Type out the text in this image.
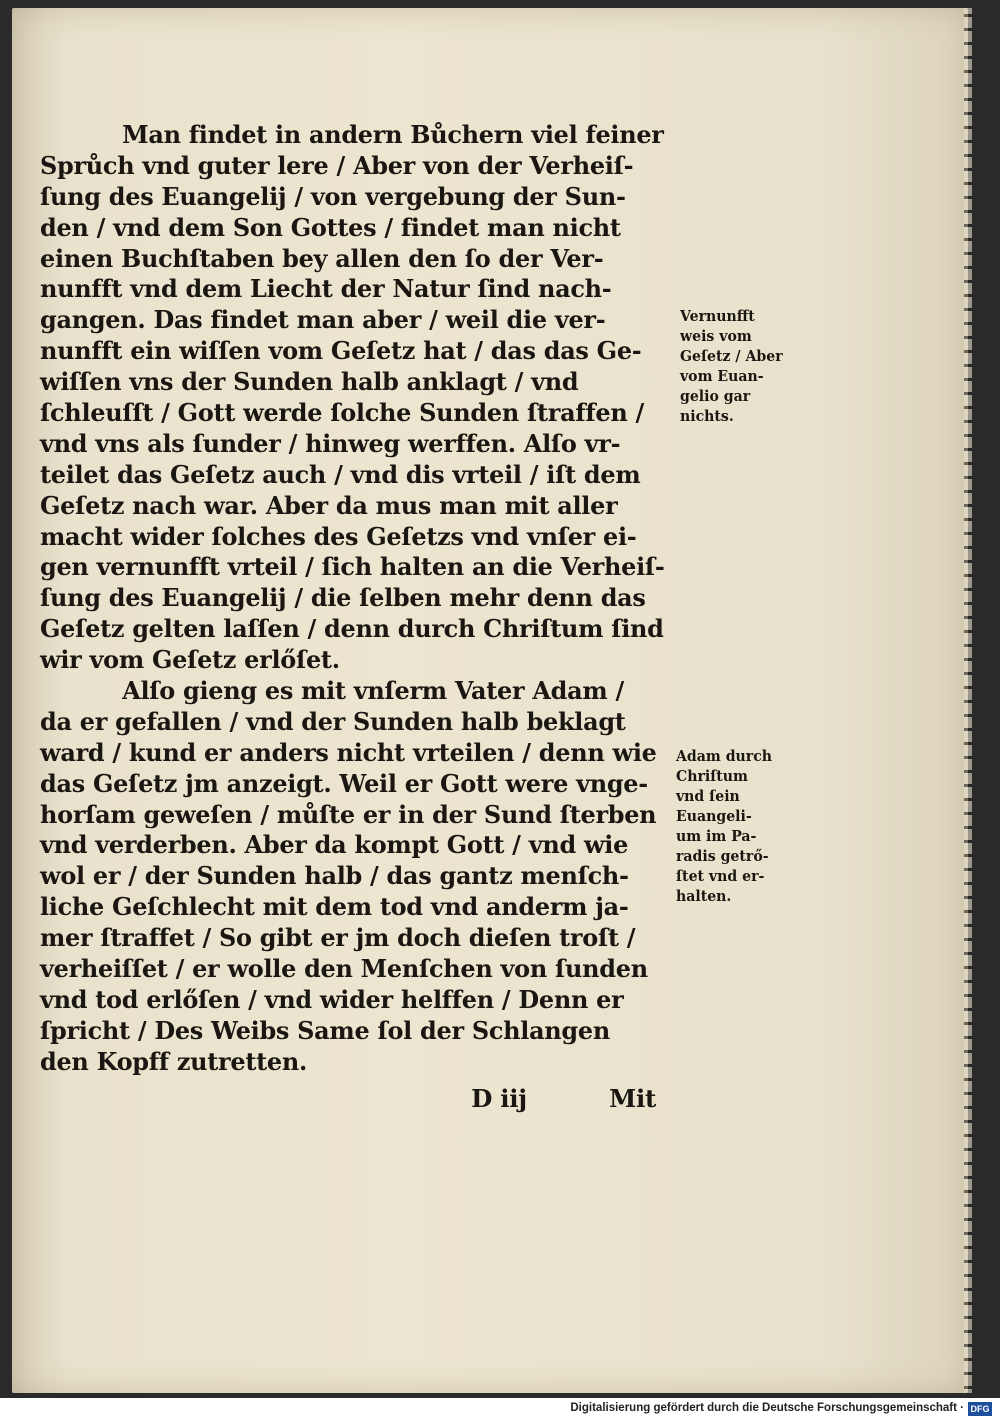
Man findet in andern Bůchern viel feiner
Sprůch vnd guter lere / Aber von der Verheiſ-
ſung des Euangelij / von vergebung der Sun-
den / vnd dem Son Gottes / findet man nicht
einen Buchſtaben bey allen den ſo der Ver-
nunfft vnd dem Liecht der Natur ſind nach-
gangen. Das findet man aber / weil die ver-
nunfft ein wiſſen vom Geſetz hat / das das Ge-
wiſſen vns der Sunden halb anklagt / vnd
ſchleuſſt / Gott werde ſolche Sunden ſtraffen /
vnd vns als ſunder / hinweg werffen. Alſo vr-
teilet das Geſetz auch / vnd dis vrteil / iſt dem
Geſetz nach war. Aber da mus man mit aller
macht wider ſolches des Geſetzs vnd vnſer ei-
gen vernunfft vrteil / ſich halten an die Verheiſ-
ſung des Euangelij / die ſelben mehr denn das
Geſetz gelten laſſen / denn durch Chriſtum ſind
wir vom Geſetz erlőſet.
Alſo gieng es mit vnſerm Vater Adam /
da er gefallen / vnd der Sunden halb beklagt
ward / kund er anders nicht vrteilen / denn wie
das Geſetz jm anzeigt. Weil er Gott were vnge-
horſam geweſen / můſte er in der Sund ſterben
vnd verderben. Aber da kompt Gott / vnd wie
wol er / der Sunden halb / das gantz menſch-
liche Geſchlecht mit dem tod vnd anderm ja-
mer ſtraffet / So gibt er jm doch dieſen troſt /
verheiſſet / er wolle den Menſchen von ſunden
vnd tod erlőſen / vnd wider helffen / Denn er
ſpricht / Des Weibs Same ſol der Schlangen
den Kopff zutretten.
D iij          Mit
Vernunfft
weis vom
Geſetz / Aber
vom Euan-
gelio gar
nichts.
Adam durch
Chriſtum
vnd ſein
Euangeli-
um im Pa-
radis getrő-
ſtet vnd er-
halten.
Digitalisierung gefördert durch die Deutsche Forschungsgemeinschaft · DFG
